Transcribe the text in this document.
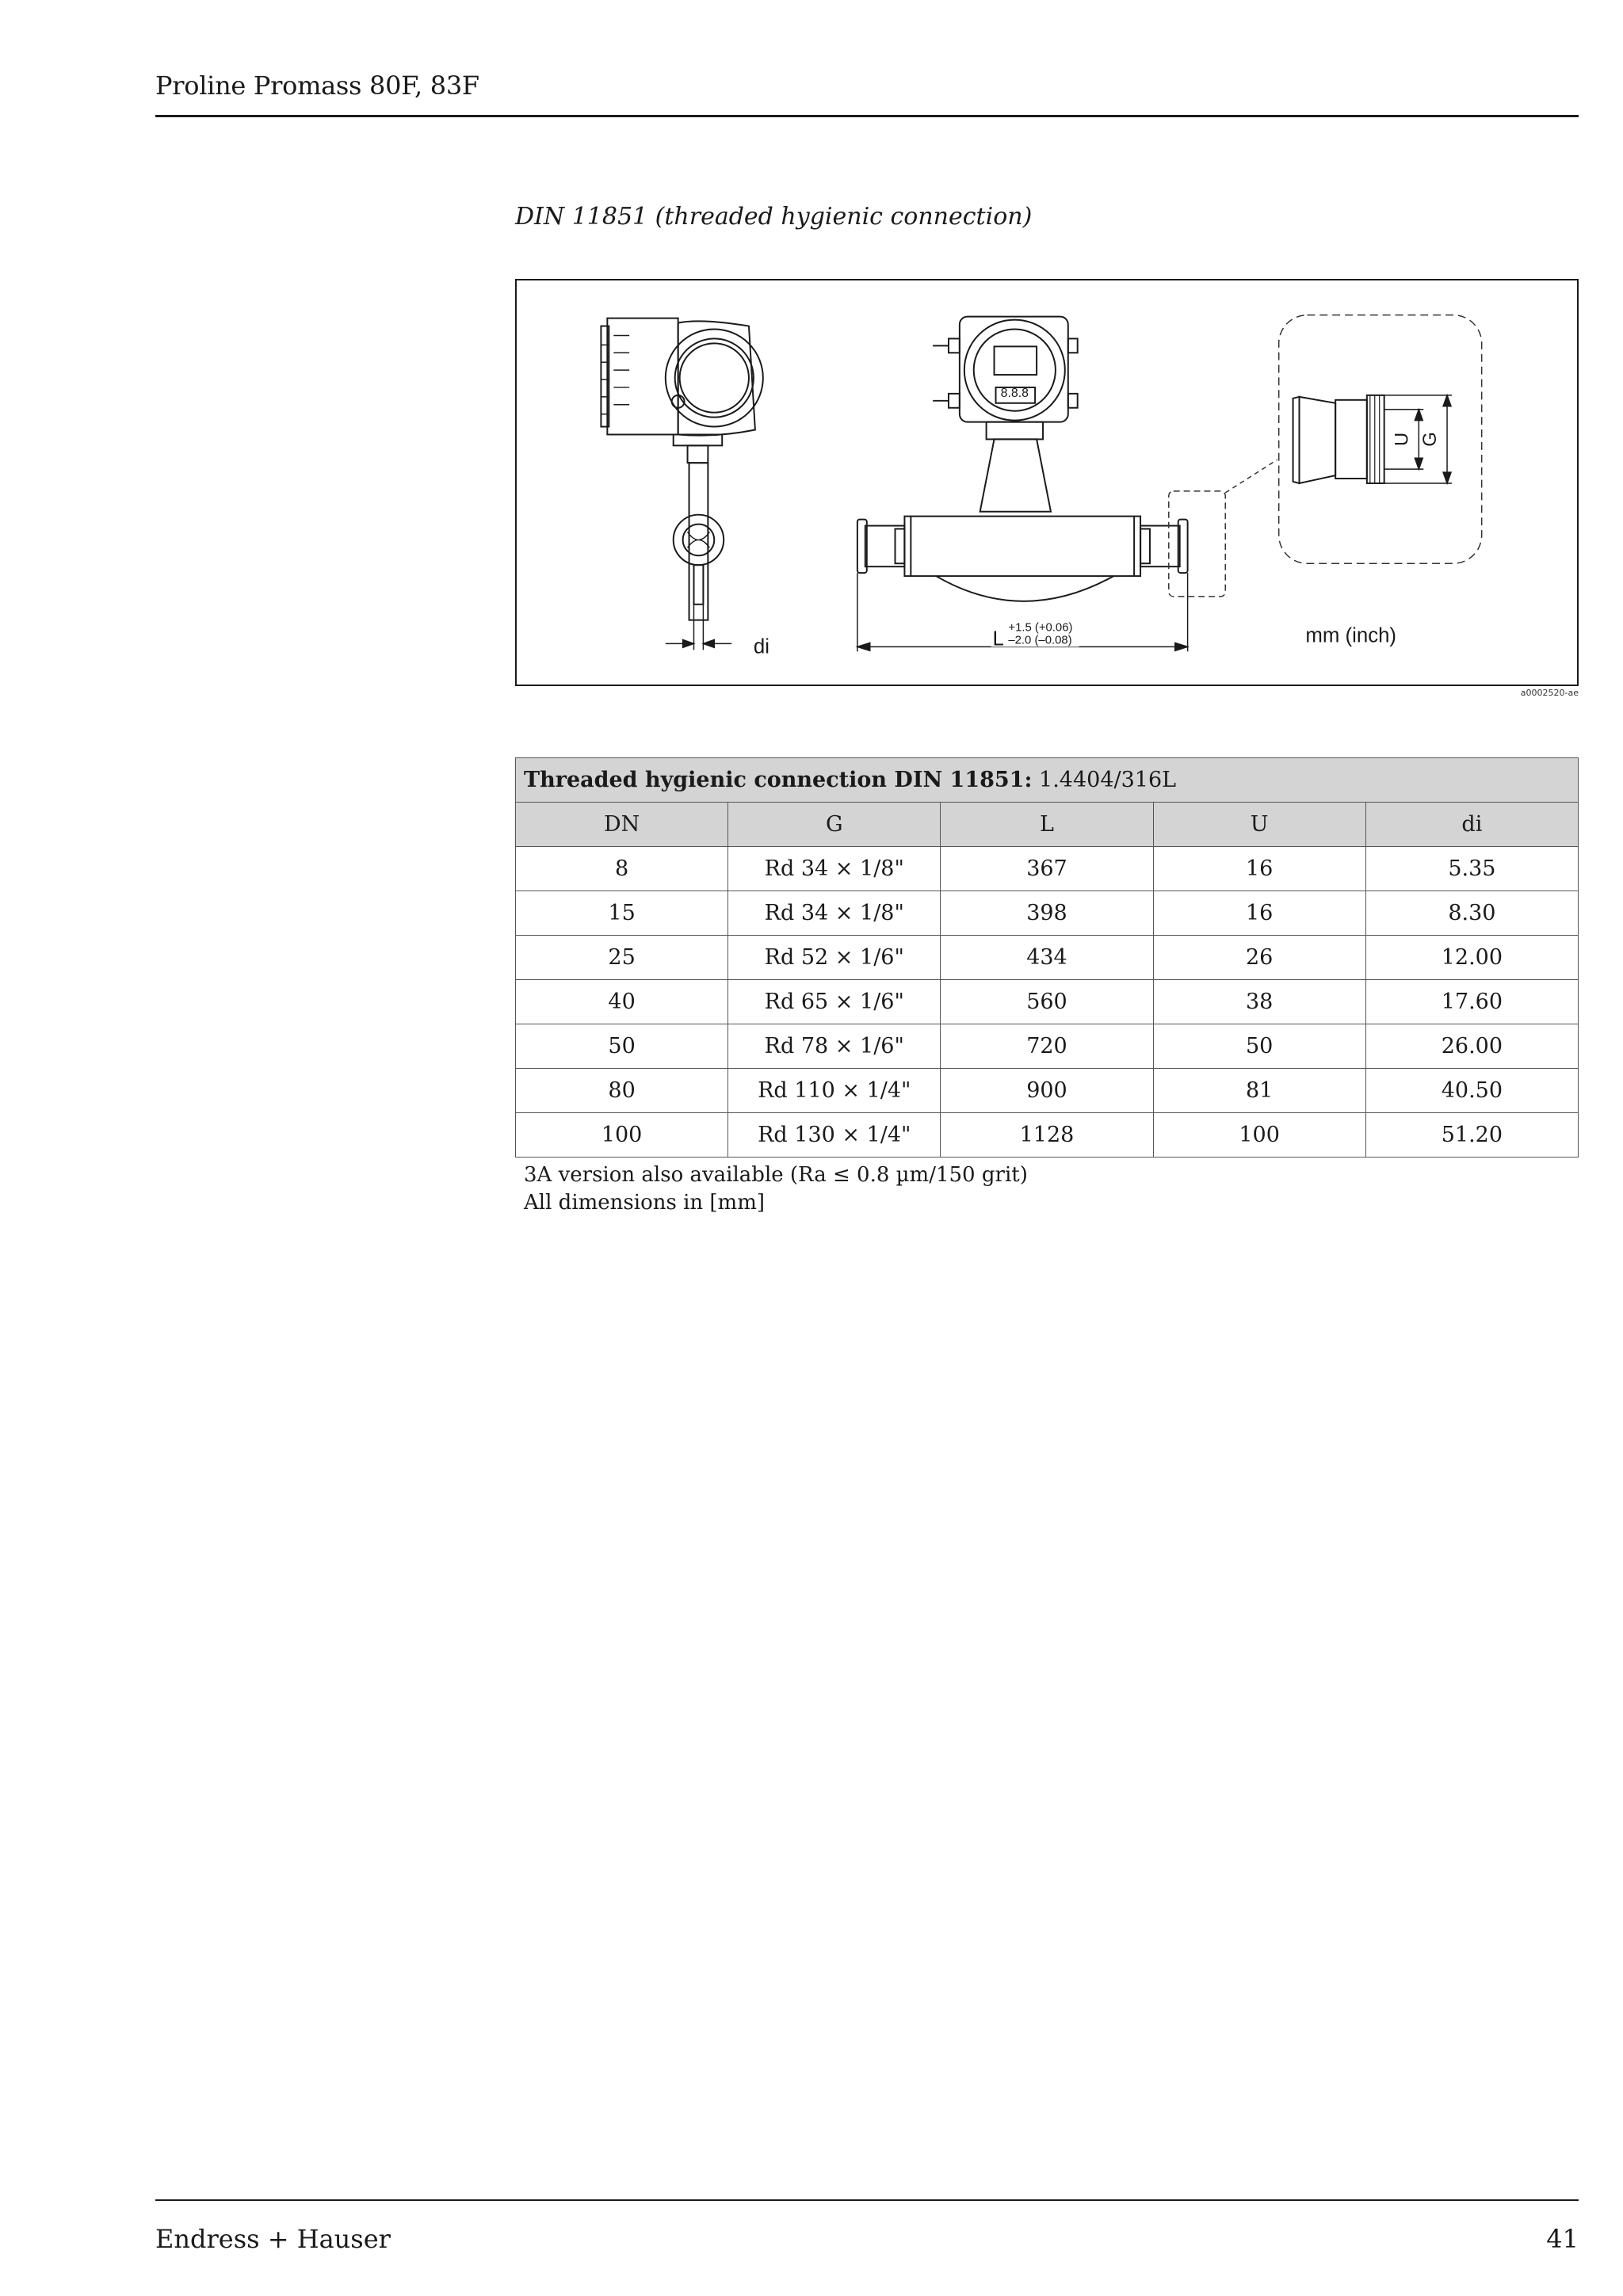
Proline Promass 80F, 83F
DIN 11851 (threaded hygienic connection)
di
8.8.8
L +1.5 (+0.06)
–2.0 (–0.08)
U G
mm (inch)
a0002520-ae
Threaded hygienic connection DIN 11851: 1.4404/316L				
DN	G	L	U	di
8	Rd 34 × 1/8"	367	16	5.35
15	Rd 34 × 1/8"	398	16	8.30
25	Rd 52 × 1/6"	434	26	12.00
40	Rd 65 × 1/6"	560	38	17.60
50	Rd 78 × 1/6"	720	50	26.00
80	Rd 110 × 1/4"	900	81	40.50
100	Rd 130 × 1/4"	1128	100	51.20
3A version also available (Ra ≤ 0.8 µm/150 grit)
All dimensions in [mm]
Endress + Hauser	41
